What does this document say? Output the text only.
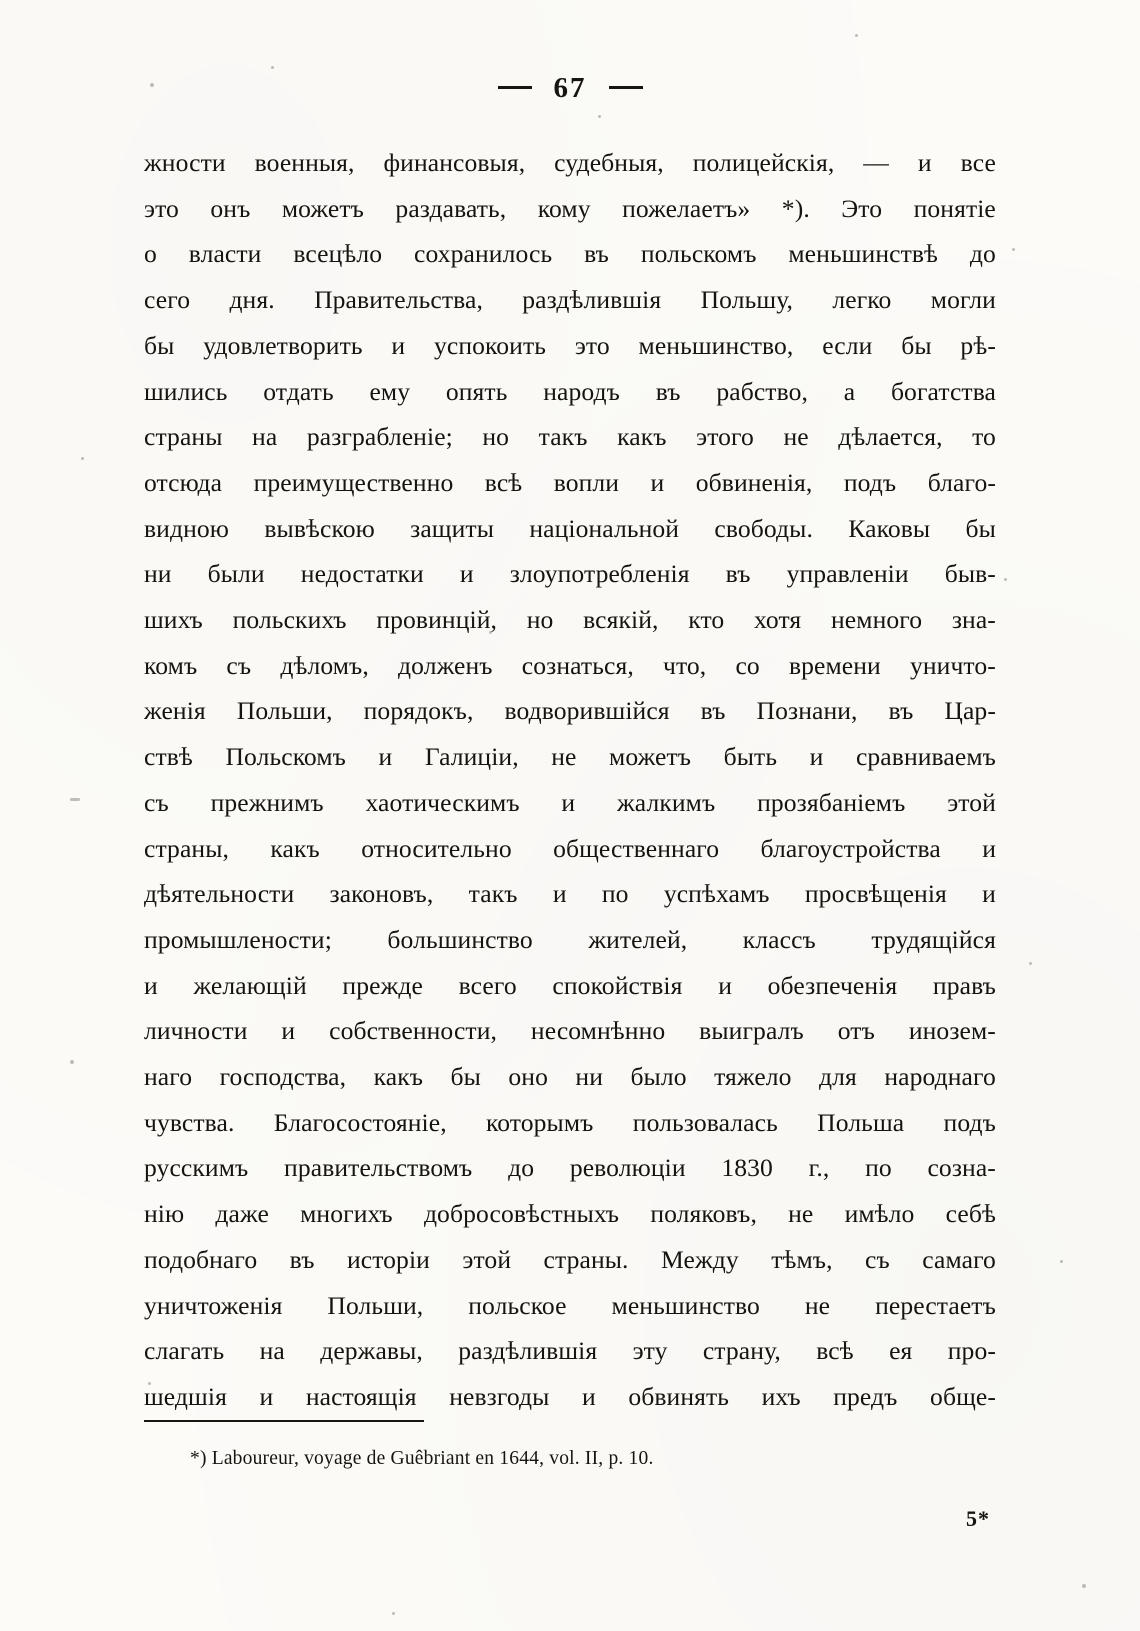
67

жности военныя, финансовыя, судебныя, полицейскія, — и все
это онъ можетъ раздавать, кому пожелаетъ» *). Это понятіе
о власти всецѣло сохранилось въ польскомъ меньшинствѣ до
сего дня. Правительства, раздѣлившія Польшу, легко могли
бы удовлетворить и успокоить это меньшинство, если бы рѣ-
шились отдать ему опять народъ въ рабство, а богатства
страны на разграбленіе; но такъ какъ этого не дѣлается, то
отсюда преимущественно всѣ вопли и обвиненія, подъ благо-
видною вывѣскою защиты національной свободы. Каковы бы
ни были недостатки и злоупотребленія въ управленіи быв-
шихъ польскихъ провинцій, но всякій, кто хотя немного зна-
комъ съ дѣломъ, долженъ сознаться, что, со времени уничто-
женія Польши, порядокъ, водворившійся въ Познани, въ Цар-
ствѣ Польскомъ и Галиціи, не можетъ быть и сравниваемъ
съ прежнимъ хаотическимъ и жалкимъ прозябаніемъ этой
страны, какъ относительно общественнаго благоустройства и
дѣятельности законовъ, такъ и по успѣхамъ просвѣщенія и
промышлености; большинство жителей, классъ трудящійся
и желающій прежде всего спокойствія и обезпеченія правъ
личности и собственности, несомнѣнно выигралъ отъ инозем-
наго господства, какъ бы оно ни было тяжело для народнаго
чувства. Благосостояніе, которымъ пользовалась Польша подъ
русскимъ правительствомъ до революціи 1830 г., по созна-
нію даже многихъ добросовѣстныхъ поляковъ, не имѣло себѣ
подобнаго въ исторіи этой страны. Между тѣмъ, съ самаго
уничтоженія Польши, польское меньшинство не перестаетъ
слагать на державы, раздѣлившія эту страну, всѣ ея про-
шедшія и настоящія невзгоды и обвинять ихъ предъ обще-

*) Laboureur, voyage de Guêbriant en 1644, vol. II, p. 10.
5*
